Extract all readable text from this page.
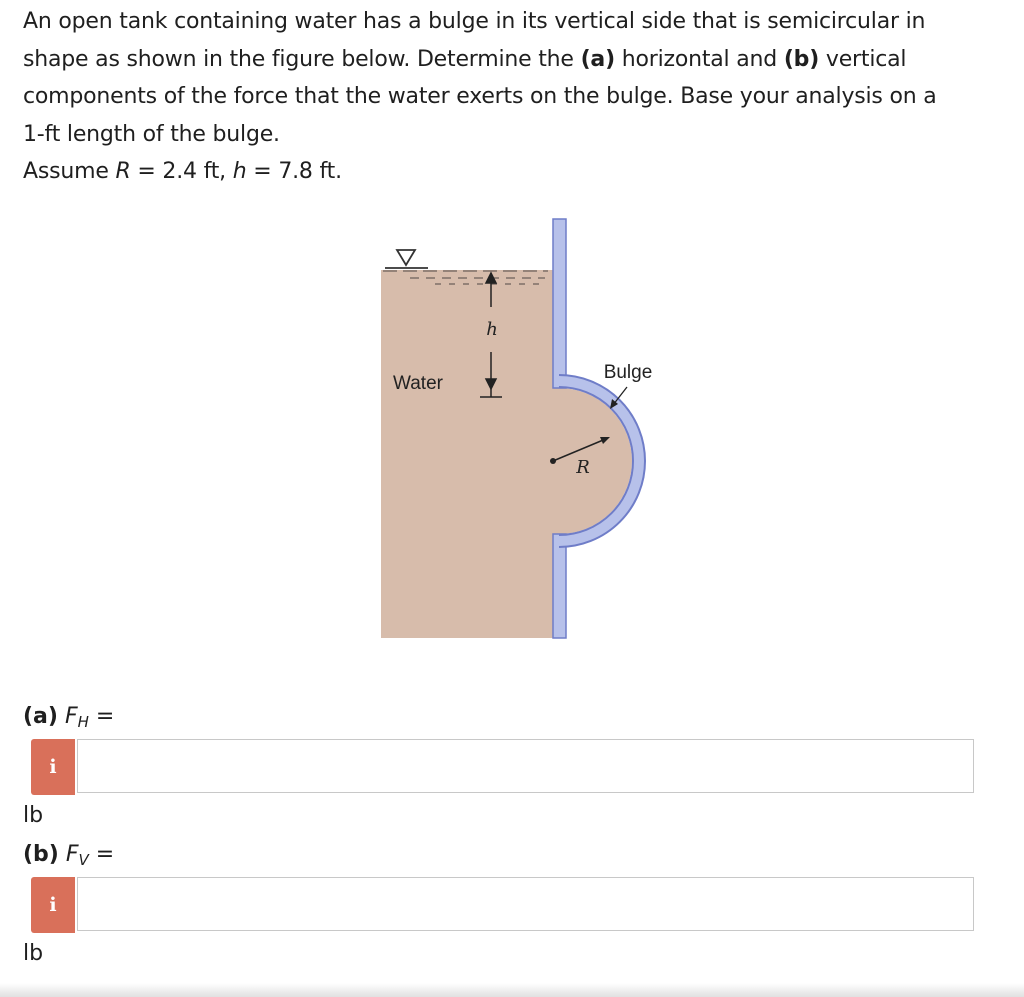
An open tank containing water has a bulge in its vertical side that is semicircular in

shape as shown in the figure below. Determine the (a) horizontal and (b) vertical

components of the force that the water exerts on the bulge. Base your analysis on a

1-ft length of the bulge.

Assume R = 2.4 ft, h = 7.8 ft.

h
R
Bulge
Water
(a) $F_H$ =
i
lb
(b) $F_V$ =
i
lb
